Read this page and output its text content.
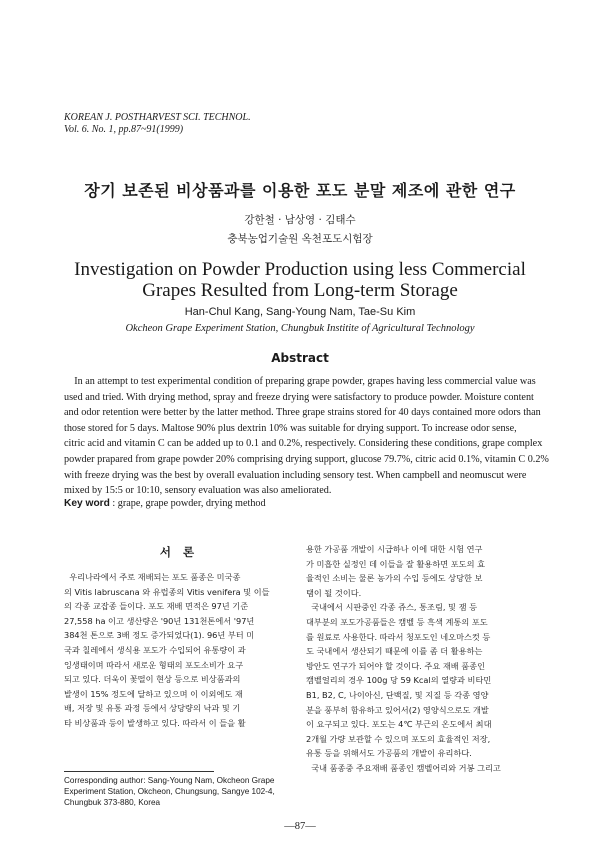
KOREAN J. POSTHARVEST SCI. TECHNOL.
Vol. 6. No. 1, pp.87~91(1999)
장기 보존된 비상품과를 이용한 포도 분말 제조에 관한 연구
강한철 · 남상영 · 김태수
충북농업기술원 옥천포도시험장
Investigation on Powder Production using less Commercial
Grapes Resulted from Long-term Storage
Han-Chul Kang, Sang-Young Nam, Tae-Su Kim
Okcheon Grape Experiment Station, Chungbuk Institite of Agricultural Technology
Abstract
In an attempt to test experimental condition of preparing grape powder, grapes having less commercial value was
used and tried. With drying method, spray and freeze drying were satisfactory to produce powder. Moisture content
and odor retention were better by the latter method. Three grape strains stored for 40 days contained more odors than
those stored for 5 days. Maltose 90% plus dextrin 10% was suitable for drying support. To increase odor sense,
citric acid and vitamin C can be added up to 0.1 and 0.2%, respectively. Considering these conditions, grape complex
powder prapared from grape powder 20% comprising drying support, glucose 79.7%, citric acid 0.1%, vitamin C 0.2%
with freeze drying was the best by overall evaluation including sensory test. When campbell and neomuscut were
mixed by 15:5 or 10:10, sensory evaluation was also ameliorated.
Key word : grape, grape powder, drying method
서 론
우리나라에서 주로 재배되는 포도 품종은 미국종
의 Vitis labruscana 와 유럽종의 Vitis venifera 및 이들
의 각종 교잡종 들이다. 포도 재배 면적은 97년 기준
27,558 ha 이고 생산량은 '90년 131천톤에서 '97년
384천 톤으로 3배 정도 증가되었다(1). 96년 부터 미
국과 칠레에서 생식용 포도가 수입되어 유통량이 과
잉생태이며 따라서 새로운 형태의 포도소비가 요구
되고 있다. 더욱이 꽃떨이 현상 등으로 비상품과의
발생이 15% 정도에 달하고 있으며 이 이외에도 재
배, 저장 및 유통 과정 등에서 상당량의 낙과 및 기
타 비상품과 등이 발생하고 있다. 따라서 이 들을 활
용한 가공품 개발이 시급하나 이에 대한 시험 연구
가 미흡한 실정인 데 이들을 잘 활용하면 포도의 효
율적인 소비는 물론 농가의 수입 등에도 상당한 보
탬이 될 것이다.
국내에서 시판중인 각종 쥬스, 통조림, 및 잼 등
대부분의 포도가공품들은 캠벨 등 흑색 계통의 포도
를 원료로 사용한다. 따라서 청포도인 네오마스컷 등
도 국내에서 생산되기 때문에 이를 좀 더 활용하는
방안도 연구가 되어야 할 것이다. 주요 재배 품종인
캠벨얼리의 경우 100g 당 59 Kcal의 열량과 비타민
B1, B2, C, 나이아신, 단백질, 및 지질 등 각종 영양
분을 풍부히 함유하고 있어서(2) 영양식으로도 개발
이 요구되고 있다. 포도는 4℃ 부근의 온도에서 최대
2개월 가량 보관할 수 있으며 포도의 효율적인 저장,
유통 등을 위해서도 가공품의 개발이 유리하다.
국내 품종중 주요재배 품종인 캠벨어리와 거봉 그리고
Corresponding author: Sang-Young Nam, Okcheon Grape
Experiment Station, Okcheon, Chungsung, Sangye 102-4,
Chungbuk 373-880, Korea
—87—
